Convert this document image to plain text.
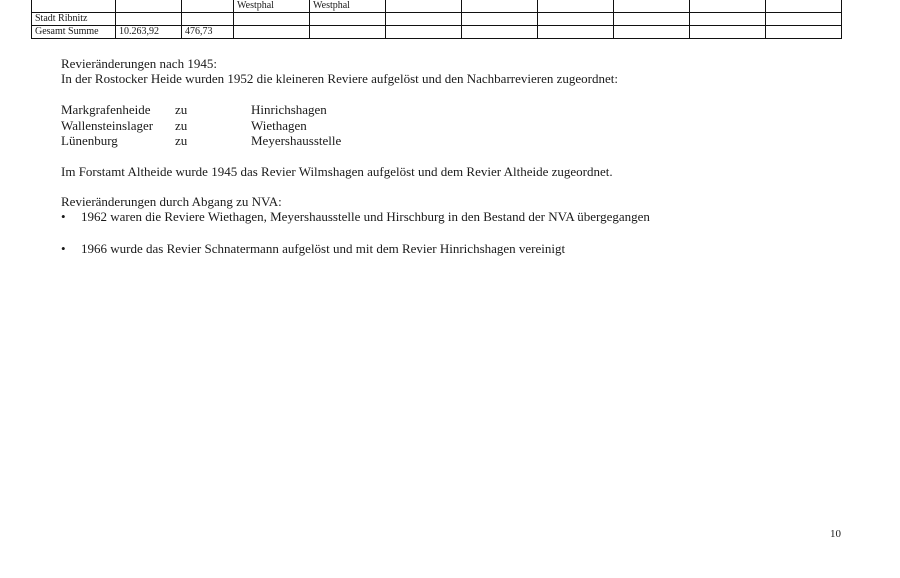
			Westphal	Westphal						
Stadt Ribnitz										
Gesamt Summe	10.263,92	476,73								
Revieränderungen nach 1945:
In der Rostocker Heide wurden 1952 die kleineren Reviere aufgelöst und den Nachbarrevieren zugeordnet:
Markgrafenheide zu	Hinrichshagen
Wallensteinslager zu	Wiethagen
Lünenburg	zu	Meyershausstelle
Im Forstamt Altheide wurde 1945 das Revier Wilmshagen aufgelöst und dem Revier Altheide zugeordnet.
Revieränderungen durch Abgang zu NVA:
• 1962 waren die Reviere Wiethagen, Meyershausstelle und Hirschburg in den Bestand der NVA übergegangen
• 1966 wurde das Revier Schnatermann aufgelöst und mit dem Revier Hinrichshagen vereinigt
10
